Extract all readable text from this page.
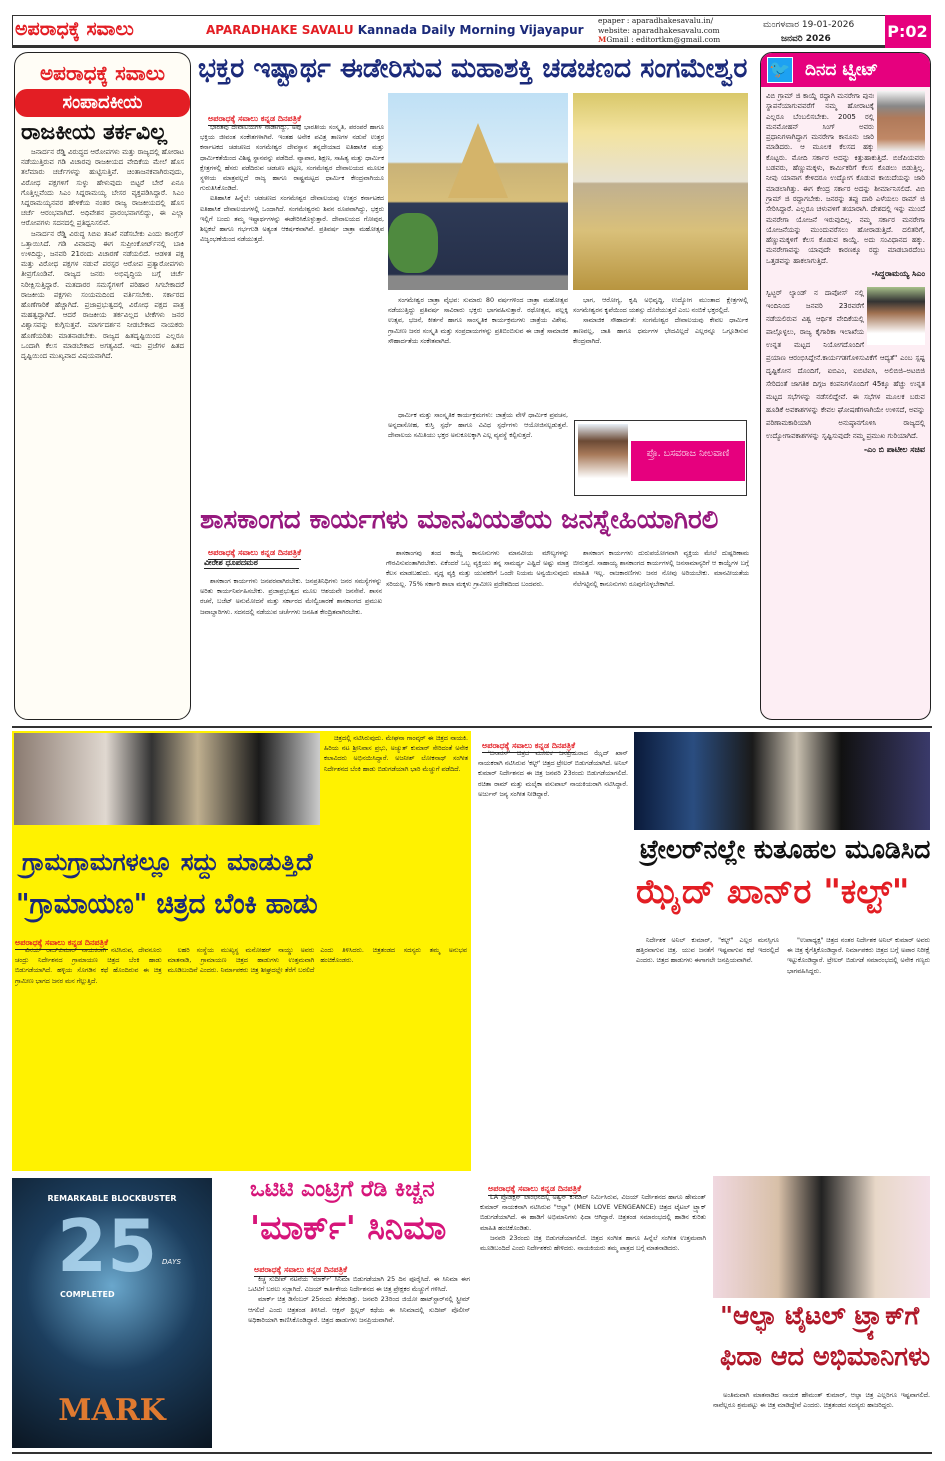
ಅಪರಾಧಕ್ಕೆ ಸವಾಲು	APARADHAKE SAVALU Kannada Daily Morning Vijayapur
epaper : aparadhakesavalu.in/
website: aparadhakesavalu.com
MGmail : editortkm@gmail.com
ಮಂಗಳವಾರ 19-01-2026
ಜನವರಿ 2026	P:02
ಅಪರಾಧಕ್ಕೆ ಸವಾಲು
ಸಂಪಾದಕೀಯ
ರಾಜಕೀಯ ತರ್ಕವಿಲ್ಲ

ಜನಾರ್ದನ ರೆಡ್ಡಿ ವಿರುದ್ಧದ ಆರೋಪಗಳು ಮತ್ತು ರಾಜ್ಯದಲ್ಲಿ ಹೋರಾಟ ನಡೆಯುತ್ತಿರುವ ಗಡಿ ವಿಚಾರವು ರಾಜಕೀಯದ ವೇದಿಕೆಯ ಮೇಲೆ ಹೊಸ ತಲೆಮಾರು ಚರ್ಚೆಗಳನ್ನು ಹುಟ್ಟಿಸುತ್ತಿವೆ. ಚಿಂತಾಜನಕವಾಗಿರುವುದು, ವಿರೋಧ ಪಕ್ಷಗಳಿಗೆ ಸುಳ್ಳು ಹೇಳುವುದು ಬಿಟ್ಟರೆ ಬೇರೆ ಏನೂ ಗೊತ್ತಿಲ್ಲವೆಂದು ಸಿಎಂ ಸಿದ್ದರಾಮಯ್ಯ ಬೇಸರ ವ್ಯಕ್ತಪಡಿಸಿದ್ದಾರೆ. ಸಿಎಂ ಸಿದ್ದರಾಮಯ್ಯನವರ ಹೇಳಿಕೆಯ ನಂತರ ರಾಜ್ಯ ರಾಜಕೀಯದಲ್ಲಿ ಹೊಸ ಚರ್ಚೆ ಆರಂಭವಾಗಿದೆ. ಅಧಿವೇಶನ ಪ್ರಾರಂಭವಾಗಲಿದ್ದು, ಈ ಎಲ್ಲಾ ಆರೋಪಗಳು ಸದನದಲ್ಲಿ ಪ್ರತಿಧ್ವನಿಸಲಿವೆ.

ಜನಾರ್ದನ ರೆಡ್ಡಿ ವಿರುದ್ಧ ಸಿಬಿಐ ತನಿಖೆ ನಡೆಸಬೇಕು ಎಂದು ಕಾಂಗ್ರೆಸ್ ಒತ್ತಾಯಿಸಿದೆ. ಗಡಿ ವಿವಾದವು ಈಗ ಸುಪ್ರೀಂಕೋರ್ಟ್‌ನಲ್ಲಿ ಬಾಕಿ ಉಳಿದಿದ್ದು, ಜನವರಿ 21ರಂದು ವಿಚಾರಣೆ ನಡೆಯಲಿದೆ. ಆಡಳಿತ ಪಕ್ಷ ಮತ್ತು ವಿರೋಧ ಪಕ್ಷಗಳ ನಡುವೆ ಪರಸ್ಪರ ಆರೋಪ ಪ್ರತ್ಯಾರೋಪಗಳು ತೀವ್ರಗೊಂಡಿವೆ. ರಾಜ್ಯದ ಜನರು ಅಭಿವೃದ್ಧಿಯ ಬಗ್ಗೆ ಚರ್ಚೆ ನಿರೀಕ್ಷಿಸುತ್ತಿದ್ದಾರೆ. ಮತದಾರರ ಸಮಸ್ಯೆಗಳಿಗೆ ಪರಿಹಾರ ಸಿಗಬೇಕಾದರೆ ರಾಜಕೀಯ ಪಕ್ಷಗಳು ಸಂಯಮದಿಂದ ವರ್ತಿಸಬೇಕು. ಸರ್ಕಾರದ ಹೊಣೆಗಾರಿಕೆ ಹೆಚ್ಚಾಗಿದೆ. ಪ್ರಜಾಪ್ರಭುತ್ವದಲ್ಲಿ ವಿರೋಧ ಪಕ್ಷದ ಪಾತ್ರ ಮಹತ್ವದ್ದಾಗಿದೆ. ಆದರೆ ರಾಜಕೀಯ ತರ್ಕವಿಲ್ಲದ ಟೀಕೆಗಳು ಜನರ ವಿಶ್ವಾಸವನ್ನು ಕುಗ್ಗಿಸುತ್ತವೆ. ಮಾರ್ಗದರ್ಶನ ನೀಡಬೇಕಾದ ನಾಯಕರು ಹೊಣೆಯರಿತು ಮಾತನಾಡಬೇಕು. ರಾಜ್ಯದ ಹಿತದೃಷ್ಟಿಯಿಂದ ಎಲ್ಲರೂ ಒಂದಾಗಿ ಕೆಲಸ ಮಾಡಬೇಕಾದ ಅಗತ್ಯವಿದೆ. ಇದು ಪ್ರಜೆಗಳ ಹಿತದ ದೃಷ್ಟಿಯಿಂದ ಮುಖ್ಯವಾದ ವಿಷಯವಾಗಿದೆ.

ಭಕ್ತರ ಇಷ್ಟಾರ್ಥ ಈಡೇರಿಸುವ ಮಹಾಶಕ್ತಿ ಚಡಚಣದ ಸಂಗಮೇಶ್ವರ
ಅಪರಾಧಕ್ಕೆ ಸವಾಲು ಕನ್ನಡ ದಿನಪತ್ರಿಕೆ

ಭಾರತವು ದೇವಾಲಯಗಳ ನಾಡಾಗಿದ್ದು, ಅವು ಭಾರತೀಯ ಸಂಸ್ಕೃತಿ, ಪರಂಪರೆ ಹಾಗೂ ಭಕ್ತಿಯ ಜೀವಂತ ಸಂಕೇತಗಳಾಗಿವೆ. ಇಂತಹ ಅನೇಕ ಪವಿತ್ರ ತಾಣಗಳ ನಡುವೆ ಉತ್ತರ ಕರ್ನಾಟಕದ ಚಡಚಣದ ಸಂಗಮೇಶ್ವರ ದೇವಸ್ಥಾನ ತನ್ನದೇಯಾದ ಐತಿಹಾಸಿಕ ಮತ್ತು ಧಾರ್ಮಿಕತೆಯಿಂದ ವಿಶಿಷ್ಟ ಸ್ಥಾನವನ್ನು ಪಡೆದಿದೆ. ವ್ಯಾಪಾರ, ಶಿಕ್ಷಣ, ಸಾಹಿತ್ಯ ಮತ್ತು ಧಾರ್ಮಿಕ ಕ್ಷೇತ್ರಗಳಲ್ಲಿ ಹೆಸರು ಪಡೆದಿರುವ ಚಡಚಣ ಪಟ್ಟಣ, ಸಂಗಮೇಶ್ವರ ದೇವಾಲಯದ ಮೂಲಕ ಸ್ಥಳೀಯ ಮಾತ್ರವಲ್ಲದೆ ರಾಜ್ಯ ಹಾಗೂ ರಾಷ್ಟ್ರಮಟ್ಟದ ಧಾರ್ಮಿಕ ಕೇಂದ್ರವಾಗಿಯೂ ಗುರುತಿಸಿಕೊಂಡಿದೆ.

ಐತಿಹಾಸಿಕ ಹಿನ್ನೆಲೆ: ಚಡಚಣದ ಸಂಗಮೇಶ್ವರ ದೇವಾಲಯವು ಉತ್ತರ ಕರ್ನಾಟಕದ ಐತಿಹಾಸಿಕ ದೇವಾಲಯಗಳಲ್ಲಿ ಒಂದಾಗಿದೆ. ಸಂಗಮೇಶ್ವರನು ಶಿವನ ರೂಪವಾಗಿದ್ದು, ಭಕ್ತರು ಇಲ್ಲಿಗೆ ಬಂದು ತಮ್ಮ ಇಷ್ಟಾರ್ಥಗಳನ್ನು ಈಡೇರಿಸಿಕೊಳ್ಳುತ್ತಾರೆ. ದೇವಾಲಯದ ಗೋಪುರ, ಶಿಲ್ಪಕಲೆ ಹಾಗೂ ಗರ್ಭಗುಡಿ ಅತ್ಯಂತ ಆಕರ್ಷಕವಾಗಿವೆ. ಪ್ರತಿವರ್ಷ ಜಾತ್ರಾ ಮಹೋತ್ಸವ ವಿಜೃಂಭಣೆಯಿಂದ ನಡೆಯುತ್ತದೆ.

ಸಂಗಮೇಶ್ವರ ಜಾತ್ರಾ ವೈಭವ: ಸುಮಾರು 80 ವರ್ಷಗಳಿಂದ ಜಾತ್ರಾ ಮಹೋತ್ಸವ ನಡೆಯುತ್ತಿದ್ದು ಪ್ರತಿವರ್ಷ ಸಾವಿರಾರು ಭಕ್ತರು ಭಾಗವಹಿಸುತ್ತಾರೆ. ರಥೋತ್ಸವ, ಪಲ್ಲಕ್ಕಿ ಉತ್ಸವ, ಭಜನೆ, ಕೀರ್ತನೆ ಹಾಗೂ ಸಾಂಸ್ಕೃತಿಕ ಕಾರ್ಯಕ್ರಮಗಳು ಜಾತ್ರೆಯ ವಿಶೇಷ. ಗ್ರಾಮೀಣ ಜನರ ಸಂಸ್ಕೃತಿ ಮತ್ತು ಸಂಪ್ರದಾಯಗಳನ್ನು ಪ್ರತಿಬಿಂಬಿಸುವ ಈ ಜಾತ್ರೆ ಸಾಮಾಜಿಕ ಸೌಹಾರ್ದತೆಯ ಸಂಕೇತವಾಗಿದೆ.

ಧಾರ್ಮಿಕ ಮತ್ತು ಸಾಂಸ್ಕೃತಿಕ ಕಾರ್ಯಕ್ರಮಗಳು: ಜಾತ್ರೆಯ ವೇಳೆ ಧಾರ್ಮಿಕ ಪ್ರವಚನ, ಅನ್ನದಾಸೋಹ, ಕುಸ್ತಿ ಸ್ಪರ್ಧೆ ಹಾಗೂ ವಿವಿಧ ಸ್ಪರ್ಧೆಗಳು ಆಯೋಜಿಸಲ್ಪಡುತ್ತವೆ. ದೇವಾಲಯ ಸಮಿತಿಯು ಭಕ್ತರ ಅನುಕೂಲಕ್ಕಾಗಿ ಎಲ್ಲ ವ್ಯವಸ್ಥೆ ಕಲ್ಪಿಸುತ್ತದೆ.

ಭಾಗ, ಆರೋಗ್ಯ, ಕೃಷಿ ಅಭಿವೃದ್ಧಿ, ಉದ್ಯೋಗ ಮುಂತಾದ ಕ್ಷೇತ್ರಗಳಲ್ಲಿ ಸಂಗಮೇಶ್ವರನ ಕೃಪೆಯಿಂದ ಯಶಸ್ಸು ದೊರೆಯುತ್ತದೆ ಎಂಬ ನಂಬಿಕೆ ಭಕ್ತರಲ್ಲಿದೆ.

ಸಾಮಾಜಿಕ ಸೌಹಾರ್ದತೆ: ಸಂಗಮೇಶ್ವರ ದೇವಾಲಯವು ಕೇವಲ ಧಾರ್ಮಿಕ ತಾಣವಲ್ಲ, ಜಾತಿ ಹಾಗೂ ಧರ್ಮಗಳ ಭೇದವಿಲ್ಲದೆ ಎಲ್ಲರನ್ನೂ ಒಗ್ಗೂಡಿಸುವ ಕೇಂದ್ರವಾಗಿದೆ.

ಪ್ರೊ. ಬಸವರಾಜ ನೀಲವಾಣಿ
🐦 ದಿನದ ಟ್ವೀಟ್
ವಿಬಿ ಗ್ರಾಮ್ ಜಿ ಕಾಯ್ದೆ ರದ್ದಾಗಿ ಮನರೇಗಾ ಪುನಃ ಸ್ಥಾಪನೆಯಾಗುವವರೆಗೆ ನಮ್ಮ ಹೋರಾಟಕ್ಕೆ ಎಲ್ಲರೂ ಬೆಂಬಲಿಸಬೇಕು. 2005 ರಲ್ಲಿ ಮನಮೋಹನ್ ಸಿಂಗ್ ಅವರು ಪ್ರಧಾನಿಗಳಾಗಿದ್ದಾಗ ಮನರೇಗಾ ಕಾನೂನು ಜಾರಿ ಮಾಡಿದರು. ಆ ಮೂಲಕ ಕೆಲಸದ ಹಕ್ಕು ಕೊಟ್ಟರು. ಮೋದಿ ಸರ್ಕಾರ ಅದನ್ನು ಕಿತ್ತುಹಾಕುತ್ತಿದೆ. ಬಿಜೆಪಿಯವರು ಬಡವರು, ಹೆಣ್ಣುಮಕ್ಕಳು, ಕಾರ್ಮಿಕರಿಗೆ ಕೆಲಸ ಕೊಡಲು ಬಿಡುತ್ತಿಲ್ಲ. ನೀವು ಯಾವಾಗ ಕೇಳಿದರೂ ಉದ್ಯೋಗ ಕೊಡುವ ಕಾಯಿದೆಯನ್ನು ಜಾರಿ ಮಾಡಲಾಗಿತ್ತು. ಈಗ ಕೇಂದ್ರ ಸರ್ಕಾರ ಅದನ್ನು ಶೀರ್ಮಾನಿಸಲಿದೆ. ವಿಬಿ ಗ್ರಾಮ್ ಜಿ ರದ್ದಾಗಬೇಕು. ಜನರನ್ನು ತಪ್ಪು ದಾರಿ ಎಳೆಯಲು ರಾಮ್ ಜಿ ಸೇರಿಸಿದ್ದಾರೆ. ಎಲ್ಲರೂ ಚಳುವಳಿಗೆ ತಯಾರಾಗಿ. ದೇಶದಲ್ಲಿ ಇನ್ನು ಮುಂದೆ ಮನರೇಗಾ ಯೋಜನೆ ಇರುವುದಿಲ್ಲ. ನಮ್ಮ ಸರ್ಕಾರ ಮನರೇಗಾ ಯೋಜನೆಯನ್ನು ಮುಂದುವರೆಸಲು ಹೋರಾಡುತ್ತಿದೆ. ದಲಿತರಿಗೆ, ಹೆಣ್ಣುಮಕ್ಕಳಿಗೆ ಕೆಲಸ ಕೊಡುವ ಕಾಯ್ದೆ. ಅದು ಸಂವಿಧಾನದ ಹಕ್ಕು. ಮನರೇಗಾವನ್ನು ಯಾವುದೇ ಕಾರಣಕ್ಕೂ ರದ್ದು ಮಾಡಬಾರದೆಂಬ ಒತ್ತಡವನ್ನು ಹಾಕಲಾಗುತ್ತಿದೆ.
-ಸಿದ್ದರಾಮಯ್ಯ ಸಿಎಂ
ಸ್ವಿಟ್ಜರ್ ಲ್ಯಾಂಡ್ ನ ದಾವೋಸ್ ನಲ್ಲಿ ಇಂದಿನಿಂದ ಜನವರಿ 23ರವರೆಗೆ ನಡೆಯಲಿರುವ ವಿಶ್ವ ಆರ್ಥಿಕ ವೇದಿಕೆಯಲ್ಲಿ ಪಾಲ್ಗೊಳ್ಳಲು, ರಾಜ್ಯ ಕೈಗಾರಿಕಾ ಇಲಾಖೆಯ ಉನ್ನತ ಮಟ್ಟದ ನಿಯೋಗದೊಂದಿಗೆ ಪ್ರಯಾಣ ಆರಂಭಿಸಿದ್ದೇನೆ.ಕಾರ್ಯಗತಗೊಳಿಸುವಿಕೆಗೆ ಆದ್ಯತೆ" ಎಂಬ ಸ್ಪಷ್ಟ ದೃಷ್ಟಿಕೋನ ದೊಂದಿಗೆ, ಐಬಿಎಂ, ಐಬಿಟಿಐಸಿ, ಅಲಿಬಿಜಿ–ಅಟಬಿಜಿ ಸೇರಿದಂತೆ ಜಾಗತಿಕ ದಿಗ್ಗಜ ಕಂಪನಿಗಳೊಂದಿಗೆ 45ಕ್ಕೂ ಹೆಚ್ಚು ಉನ್ನತ ಮಟ್ಟದ ಸಭೆಗಳನ್ನು ನಡೆಸಲಿದ್ದೇವೆ. ಈ ಸಭೆಗಳ ಮೂಲಕ ಬರುವ ಹೂಡಿಕೆ ಅವಕಾಶಗಳನ್ನು ಕೇವಲ ಘೋಷಣೆಗಳಾಗಿಯೇ ಉಳಿಸದೆ, ಅವನ್ನು ಪರಿಣಾಮಕಾರಿಯಾಗಿ ಅನುಷ್ಠಾನಗೊಳಿಸಿ ರಾಜ್ಯದಲ್ಲಿ ಉದ್ಯೋಗಾವಕಾಶಗಳನ್ನು ಸೃಷ್ಟಿಸುವುದೇ ನಮ್ಮ ಪ್ರಮುಖ ಗುರಿಯಾಗಿದೆ.
-ಎಂ ಬಿ ಪಾಟೀಲ ಸಚಿವ
ಶಾಸಕಾಂಗದ ಕಾರ್ಯಗಳು ಮಾನವಿಯತೆಯ ಜನಸ್ನೇಹಿಯಾಗಿರಲಿ
ಅಪರಾಧಕ್ಕೆ ಸವಾಲು ಕನ್ನಡ ದಿನಪತ್ರಿಕೆ
ವೀರೇಶ ಧೂಪದಮಠ

ಶಾಸಕಾಂಗ ಕಾರ್ಯಗಳು ಜನಪರವಾಗಿರಬೇಕು. ಜನಪ್ರತಿನಿಧಿಗಳು ಜನರ ಸಮಸ್ಯೆಗಳನ್ನು ಅರಿತು ಕಾರ್ಯನಿರ್ವಹಿಸಬೇಕು. ಪ್ರಜಾಪ್ರಭುತ್ವದ ಮೂಲ ಆಶಯವೇ ಜನಸೇವೆ. ಶಾಸನ ರಚನೆ, ಬಜೆಟ್ ಅನುಮೋದನೆ ಮತ್ತು ಸರ್ಕಾರದ ಮೇಲ್ವಿಚಾರಣೆ ಶಾಸಕಾಂಗದ ಪ್ರಮುಖ ಜವಾಬ್ದಾರಿಗಳು. ಸದನದಲ್ಲಿ ನಡೆಯುವ ಚರ್ಚೆಗಳು ಜನಹಿತ ಕೇಂದ್ರಿತವಾಗಿರಬೇಕು.

ಶಾಸಕಾಂಗವು ತಂದ ಕಾಯ್ದೆ ಕಾನೂನುಗಳು ಮಾನವೀಯ ಮೌಲ್ಯಗಳನ್ನು ಗೌರವಿಸುವಂತಾಗಿರಬೇಕು. ಏಕೆಂದರೆ ಒಬ್ಬ ವ್ಯಕ್ತಿಯು ತನ್ನ ಸಾಮರ್ಥ್ಯ ಎಷ್ಟಿದೆ ಅಷ್ಟು ಮಾತ್ರ ಕೆಲಸ ಮಾಡಬಹುದು. ವೃದ್ಧ ವ್ಯಕ್ತಿ ಮತ್ತು ಯುವಕರಿಗೆ ಒಂದೇ ನಿಯಮ ಅನ್ವಯಿಸುವುದು ಸರಿಯಲ್ಲ. 75% ಸರ್ಕಾರಿ ಶಾಲಾ ಮಕ್ಕಳು ಗ್ರಾಮೀಣ ಪ್ರದೇಶದಿಂದ ಬಂದವರು.

ಶಾಸಕಾಂಗ ಕಾರ್ಯಗಳು ದುರುಪಯೋಗವಾಗಿ ವ್ಯಕ್ತಿಯ ಮೇಲೆ ದುಷ್ಪರಿಣಾಮ ಬೀರುತ್ತದೆ. ಸಾಹಾಯ್ಯ ಶಾಸಕಾಂಗದ ಕಾರ್ಯಗಳಲ್ಲಿ ಜನಸಾಮಾನ್ಯರಿಗೆ ಆ ಕಾಯ್ದೆಗಳ ಬಗ್ಗೆ ಮಾಹಿತಿ ಇಲ್ಲ. ರಾಜಕಾರಣಿಗಳು ಜನರ ನೋವು ಅರಿಯಬೇಕು. ಮಾನವೀಯತೆಯ ನೆಲೆಗಟ್ಟಿನಲ್ಲಿ ಕಾನೂನುಗಳು ರೂಪುಗೊಳ್ಳಬೇಕಾಗಿದೆ.

ಚಿತ್ರದಲ್ಲಿ ನಟಿಸಿರುವುದು. ಮೇಘನಾ ಗಾಂವ್ಕರ್ ಈ ಚಿತ್ರದ ನಾಯಕಿ. ಹಿರಿಯ ನಟ ಶ್ರೀನಿವಾಸ ಪ್ರಭು, ಅಚ್ಯುತ್ ಕುಮಾರ್ ಸೇರಿದಂತೆ ಅನೇಕ ಕಲಾವಿದರು ಅಭಿನಯಿಸಿದ್ದಾರೆ. ಅಜನೀಶ್ ಲೋಕನಾಥ್ ಸಂಗೀತ ನಿರ್ದೇಶನದ ಬೆಂಕಿ ಹಾಡು ಬಿಡುಗಡೆಯಾಗಿ ಭಾರಿ ಮೆಚ್ಚುಗೆ ಪಡೆದಿದೆ.

ಗ್ರಾಮಗ್ರಾಮಗಳಲ್ಲೂ ಸದ್ದು ಮಾಡುತ್ತಿದೆ
"ಗ್ರಾಮಾಯಣ" ಚಿತ್ರದ ಬೆಂಕಿ ಹಾಡು
ಅಪರಾಧಕ್ಕೆ ಸವಾಲು ಕನ್ನಡ ದಿನಪತ್ರಿಕೆ

ವಿನಯ್ ರಾಜ್‌ಕುಮಾರ್ ನಾಯಕರಾಗಿ ನಟಿಸಿರುವ, ದೇವನೂರು ಚಂದ್ರು ನಿರ್ದೇಶನದ ಗ್ರಾಮಾಯಣ ಚಿತ್ರದ ಬೆಂಕಿ ಹಾಡು ಬಿಡುಗಡೆಯಾಗಿದೆ. ಹಳ್ಳಿಯ ಸೊಗಡಿನ ಕಥೆ ಹೊಂದಿರುವ ಈ ಚಿತ್ರ ಗ್ರಾಮೀಣ ಭಾಗದ ಜನರ ಮನ ಗೆಲ್ಲುತ್ತಿದೆ.

ಲಹರಿ ಸಂಸ್ಥೆಯ ಮುಖ್ಯಸ್ಥ ಮನೋಹರ್ ನಾಯ್ಡು ಅವರು ಮಾತನಾಡಿ, ಗ್ರಾಮಾಯಣ ಚಿತ್ರದ ಹಾಡುಗಳು ಉತ್ತಮವಾಗಿ ಮೂಡಿಬಂದಿವೆ ಎಂದರು. ನಿರ್ಮಾಪಕರು ಚಿತ್ರ ಶೀಘ್ರದಲ್ಲೇ ತೆರೆಗೆ ಬರಲಿದೆ ಎಂದು ತಿಳಿಸಿದರು. ಚಿತ್ರತಂಡದ ಸದಸ್ಯರು ತಮ್ಮ ಅನುಭವ ಹಂಚಿಕೊಂಡರು.

ಅಪರಾಧಕ್ಕೆ ಸವಾಲು ಕನ್ನಡ ದಿನಪತ್ರಿಕೆ

'ಬನಾರಸ್' ಚಿತ್ರದ ಮೂಲಕ ಜನಪ್ರಿಯರಾದ ಝೈದ್ ಖಾನ್ ನಾಯಕರಾಗಿ ನಟಿಸಿರುವ 'ಕಲ್ಟ್' ಚಿತ್ರದ ಟ್ರೇಲರ್ ಬಿಡುಗಡೆಯಾಗಿದೆ. ಅನಿಲ್ ಕುಮಾರ್ ನಿರ್ದೇಶನದ ಈ ಚಿತ್ರ ಜನವರಿ 23ರಂದು ಬಿಡುಗಡೆಯಾಗಲಿದೆ. ರಚಿತಾ ರಾಮ್ ಮತ್ತು ಮಲೈಕಾ ವಸುಪಾಲ್ ನಾಯಕಿಯರಾಗಿ ನಟಿಸಿದ್ದಾರೆ. ಅರ್ಜುನ್ ಜನ್ಯ ಸಂಗೀತ ನೀಡಿದ್ದಾರೆ.

ಟ್ರೇಲರ್‌ನಲ್ಲೇ ಕುತೂಹಲ ಮೂಡಿಸಿದ
ಝೈದ್ ಖಾನ್‌ರ "ಕಲ್ಟ್"

ನಿರ್ದೇಶಕ ಅನಿಲ್ ಕುಮಾರ್, "ಕಲ್ಟ್" ಎಲ್ಲರ ಮನಸ್ಸಿಗೂ ಹತ್ತಿರವಾಗುವ ಚಿತ್ರ. ಯುವ ಜನತೆಗೆ ಇಷ್ಟವಾಗುವ ಕಥೆ ಇದರಲ್ಲಿದೆ ಎಂದರು. ಚಿತ್ರದ ಹಾಡುಗಳು ಈಗಾಗಲೇ ಜನಪ್ರಿಯವಾಗಿವೆ.

"ಉಪಾಧ್ಯಕ್ಷ" ಚಿತ್ರದ ನಂತರ ನಿರ್ದೇಶಕ ಅನಿಲ್ ಕುಮಾರ್ ಅವರು ಈ ಚಿತ್ರ ಕೈಗೆತ್ತಿಕೊಂಡಿದ್ದಾರೆ. ನಿರ್ಮಾಪಕರು ಚಿತ್ರದ ಬಗ್ಗೆ ಅಪಾರ ನಿರೀಕ್ಷೆ ಇಟ್ಟುಕೊಂಡಿದ್ದಾರೆ. ಟ್ರೇಲರ್ ಬಿಡುಗಡೆ ಸಮಾರಂಭದಲ್ಲಿ ಅನೇಕ ಗಣ್ಯರು ಭಾಗವಹಿಸಿದ್ದರು.

REMARKABLE BLOCKBUSTER
25 DAYS
COMPLETED
MARK
ಒಟಿಟಿ ಎಂಟ್ರಿಗೆ ರೆಡಿ ಕಿಚ್ಚನ
'ಮಾರ್ಕ್' ಸಿನಿಮಾ
ಅಪರಾಧಕ್ಕೆ ಸವಾಲು ಕನ್ನಡ ದಿನಪತ್ರಿಕೆ

ಕಿಚ್ಚ ಸುದೀಪ್ ನಟನೆಯ 'ಮಾರ್ಕ್' ಸಿನಿಮಾ ಬಿಡುಗಡೆಯಾಗಿ 25 ದಿನ ಪೂರೈಸಿದೆ. ಈ ಸಿನಿಮಾ ಈಗ ಒಟಿಟಿಗೆ ಬರಲು ಸಜ್ಜಾಗಿದೆ. ವಿಜಯ್ ಕಾರ್ತಿಕೇಯ ನಿರ್ದೇಶನದ ಈ ಚಿತ್ರ ಪ್ರೇಕ್ಷಕರ ಮೆಚ್ಚುಗೆ ಗಳಿಸಿದೆ.

ಮಾರ್ಕ್ ಚಿತ್ರ ಡಿಸೆಂಬರ್ 25ರಂದು ತೆರೆಕಂಡಿತ್ತು. ಜನವರಿ 23ರಿಂದ ಜಿಯೋ ಹಾಟ್‌ಸ್ಟಾರ್‌ನಲ್ಲಿ ಸ್ಟ್ರೀಮ್ ಆಗಲಿದೆ ಎಂದು ಚಿತ್ರತಂಡ ತಿಳಿಸಿದೆ. ಆಕ್ಷನ್ ಥ್ರಿಲ್ಲರ್ ಕಥೆಯ ಈ ಸಿನಿಮಾದಲ್ಲಿ ಸುದೀಪ್ ಪೊಲೀಸ್ ಅಧಿಕಾರಿಯಾಗಿ ಕಾಣಿಸಿಕೊಂಡಿದ್ದಾರೆ. ಚಿತ್ರದ ಹಾಡುಗಳು ಜನಪ್ರಿಯವಾಗಿವೆ.

ಅಪರಾಧಕ್ಕೆ ಸವಾಲು ಕನ್ನಡ ದಿನಪತ್ರಿಕೆ

LA ಪ್ರೊಡಕ್ಷನ್ ಲಾಂಛನದಲ್ಲಿ ಅಶ್ವಿನ್ ಕುಮಾರ್ ನಿರ್ಮಿಸಿರುವ, ವಿಜಯ್ ನಿರ್ದೇಶನದ ಹಾಗೂ ಹೇಮಂತ್ ಕುಮಾರ್ ನಾಯಕನಾಗಿ ನಟಿಸಿರುವ "ಆಲ್ಫಾ" (MEN LOVE VENGEANCE) ಚಿತ್ರದ ಟೈಟಲ್ ಟ್ರ್ಯಾಕ್ ಬಿಡುಗಡೆಯಾಗಿದೆ. ಈ ಹಾಡಿಗೆ ಅಭಿಮಾನಿಗಳು ಫಿದಾ ಆಗಿದ್ದಾರೆ. ಚಿತ್ರತಂಡ ಸಮಾರಂಭದಲ್ಲಿ ಹಾಡಿನ ಕುರಿತು ಮಾಹಿತಿ ಹಂಚಿಕೊಂಡಿತು.

ಜನವರಿ 23ರಂದು ಚಿತ್ರ ಬಿಡುಗಡೆಯಾಗಲಿದೆ. ಚಿತ್ರದ ಸಂಗೀತ ಹಾಗೂ ಹಿನ್ನೆಲೆ ಸಂಗೀತ ಉತ್ತಮವಾಗಿ ಮೂಡಿಬಂದಿದೆ ಎಂದು ನಿರ್ದೇಶಕರು ಹೇಳಿದರು. ನಾಯಕಿಯರು ತಮ್ಮ ಪಾತ್ರದ ಬಗ್ಗೆ ಮಾತನಾಡಿದರು.

"ಆಲ್ಫಾ ಟೈಟಲ್ ಟ್ರ್ಯಾಕ್‌ಗೆ
ಫಿದಾ ಆದ ಅಭಿಮಾನಿಗಳು

ಅಂತಿಮವಾಗಿ ಮಾತನಾಡಿದ ನಾಯಕ ಹೇಮಂತ್ ಕುಮಾರ್, ಆಲ್ಫಾ ಚಿತ್ರ ಎಲ್ಲರಿಗೂ ಇಷ್ಟವಾಗಲಿದೆ. ನಾವೆಲ್ಲರೂ ಶ್ರಮಪಟ್ಟು ಈ ಚಿತ್ರ ಮಾಡಿದ್ದೇವೆ ಎಂದರು. ಚಿತ್ರತಂಡದ ಸದಸ್ಯರು ಹಾಜರಿದ್ದರು.
